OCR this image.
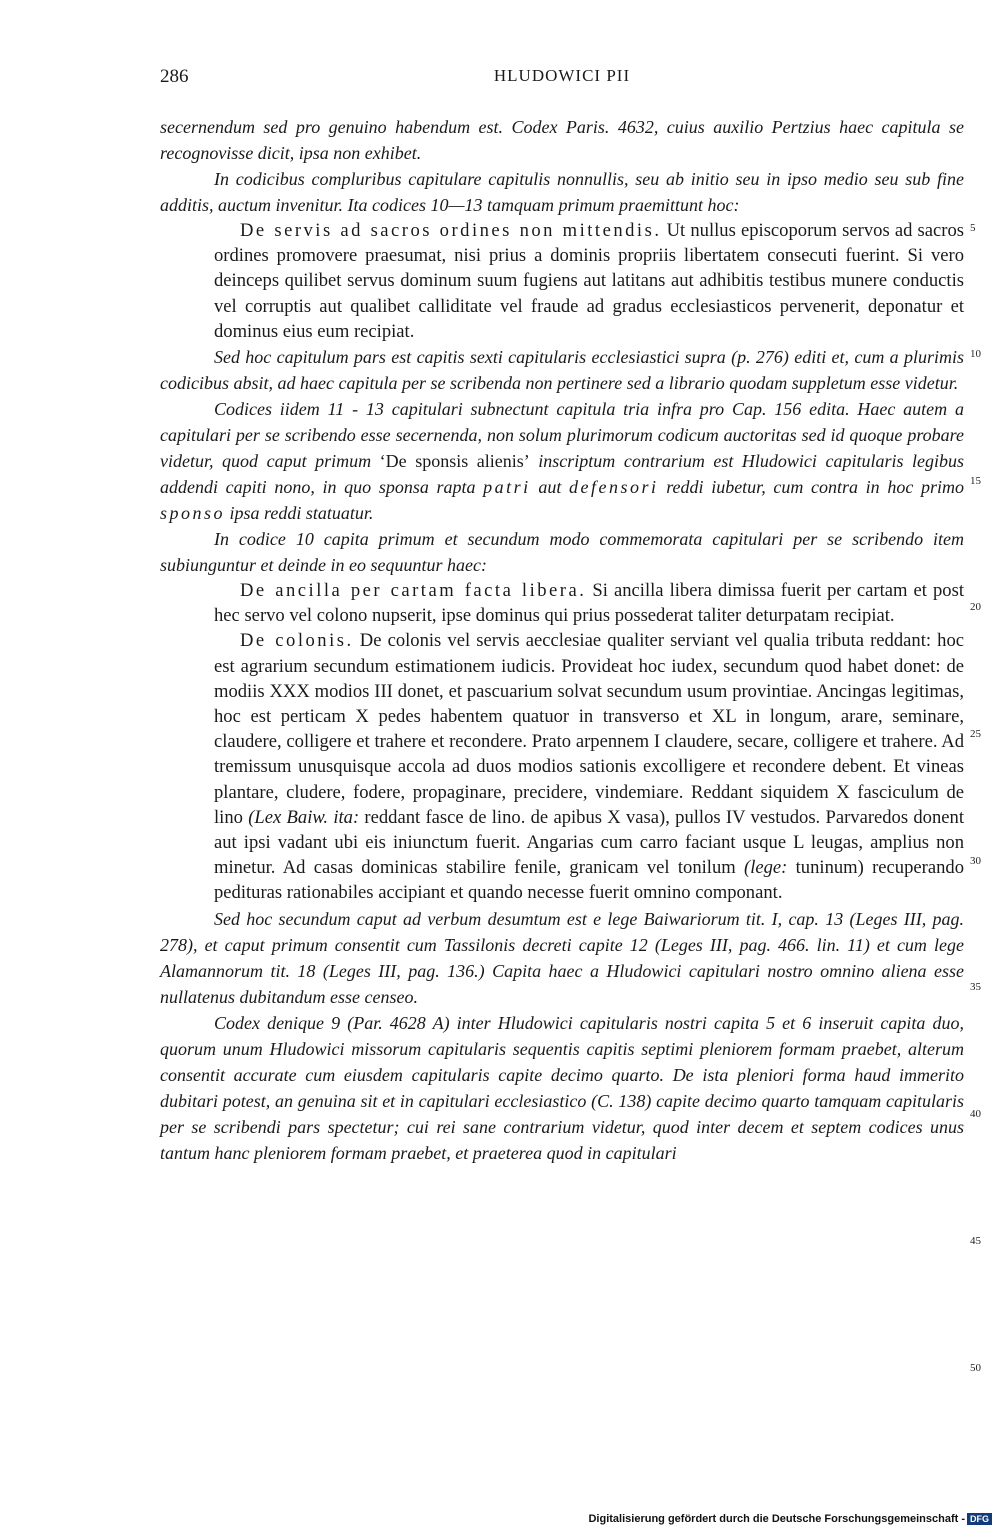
286	HLUDOWICI PII

secernendum sed pro genuino habendum est. Codex Paris. 4632, cuius auxilio Pertzius haec capitula se recognovisse dicit, ipsa non exhibet.

In codicibus compluribus capitulare capitulis nonnullis, seu ab initio seu in ipso medio seu sub fine additis, auctum invenitur. Ita codices 10—13 tamquam primum praemittunt hoc:

De servis ad sacros ordines non mittendis. Ut nullus episcoporum servos ad sacros ordines promovere praesumat, nisi prius a dominis propriis libertatem consecuti fuerint. Si vero deinceps quilibet servus dominum suum fugiens aut latitans aut adhibitis testibus munere conductis vel corruptis aut qualibet calliditate vel fraude ad gradus ecclesiasticos pervenerit, deponatur et dominus eius eum recipiat.

Sed hoc capitulum pars est capitis sexti capitularis ecclesiastici supra (p. 276) editi et, cum a plurimis codicibus absit, ad haec capitula per se scribenda non pertinere sed a librario quodam suppletum esse videtur.

Codices iidem 11 - 13 capitulari subnectunt capitula tria infra pro Cap. 156 edita. Haec autem a capitulari per se scribendo esse secernenda, non solum plurimorum codicum auctoritas sed id quoque probare videtur, quod caput primum ‘De sponsis alienis’ inscriptum contrarium est Hludowici capitularis legibus addendi capiti nono, in quo sponsa rapta patri aut defensori reddi iubetur, cum contra in hoc primo sponso ipsa reddi statuatur.

In codice 10 capita primum et secundum modo commemorata capitulari per se scribendo item subiunguntur et deinde in eo sequuntur haec:

De ancilla per cartam facta libera. Si ancilla libera dimissa fuerit per cartam et post hec servo vel colono nupserit, ipse dominus qui prius possederat taliter deturpatam recipiat.

De colonis. De colonis vel servis aecclesiae qualiter serviant vel qualia tributa reddant: hoc est agrarium secundum estimationem iudicis. Provideat hoc iudex, secundum quod habet donet: de modiis XXX modios III donet, et pascuarium solvat secundum usum provintiae. Ancingas legitimas, hoc est perticam X pedes habentem quatuor in transverso et XL in longum, arare, seminare, claudere, colligere et trahere et recondere. Prato arpennem I claudere, secare, colligere et trahere. Ad tremissum unusquisque accola ad duos modios sationis excolligere et recondere debent. Et vineas plantare, cludere, fodere, propaginare, precidere, vindemiare. Reddant siquidem X fasciculum de lino (Lex Baiw. ita: reddant fasce de lino. de apibus X vasa), pullos IV vestudos. Parvaredos donent aut ipsi vadant ubi eis iniunctum fuerit. Angarias cum carro faciant usque L leugas, amplius non minetur. Ad casas dominicas stabilire fenile, granicam vel tonilum (lege: tuninum) recuperando pedituras rationabiles accipiant et quando necesse fuerit omnino componant.

Sed hoc secundum caput ad verbum desumtum est e lege Baiwariorum tit. I, cap. 13 (Leges III, pag. 278), et caput primum consentit cum Tassilonis decreti capite 12 (Leges III, pag. 466. lin. 11) et cum lege Alamannorum tit. 18 (Leges III, pag. 136.) Capita haec a Hludowici capitulari nostro omnino aliena esse nullatenus dubitandum esse censeo.

Codex denique 9 (Par. 4628 A) inter Hludowici capitularis nostri capita 5 et 6 inseruit capita duo, quorum unum Hludowici missorum capitularis sequentis capitis septimi pleniorem formam praebet, alterum consentit accurate cum eiusdem capitularis capite decimo quarto. De ista pleniori forma haud immerito dubitari potest, an genuina sit et in capitulari ecclesiastico (C. 138) capite decimo quarto tamquam capitularis per se scribendi pars spectetur; cui rei sane contrarium videtur, quod inter decem et septem codices unus tantum hanc pleniorem formam praebet, et praeterea quod in capitulari

5
10
15
20
25
30
35
40
45
50
Digitalisierung gefördert durch die Deutsche Forschungsgemeinschaft - DFG
